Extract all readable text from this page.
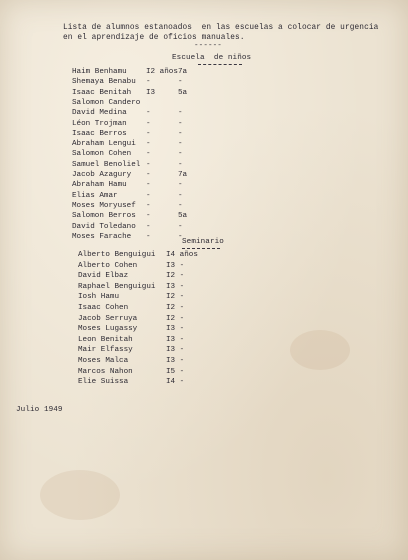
Lista de alumnos estanoados  en las escuelas a colocar de urgencia
en el aprendizaje de oficios manuales.
------
Escuela  de niños
Haim Benhamu	I2 años 7a
Shemaya Benabu -	-
Isaac Benitah I3	5a
Salomon Candero
David Medina	-	-
Léon Trojman	-	-
Isaac Berros	-	-
Abraham Lengui -	-
Salomon Cohen -	-
Samuel Benoliel -	-
Jacob Azagury -	7a
Abraham Hamu	-	-
Elias Amar	-	-
Moses Moryusef -	-
Salomon Berros -	5a
David Toledano -	-
Moses Farache -	-
Seminario
Alberto Benguigui I4 años
Alberto Cohen	I3 -
David Elbaz	I2 -
Raphael Benguigui I3 -
Iosh Hamu	I2 -
Isaac Cohen	I2 -
Jacob Serruya	I2 -
Moses Lugassy	I3 -
Leon Benitah	I3 -
Mair Elfassy	I3 -
Moses Malca	I3 -
Marcos Nahon	I5 -
Elie Suissa	I4 -
Julio 1949
